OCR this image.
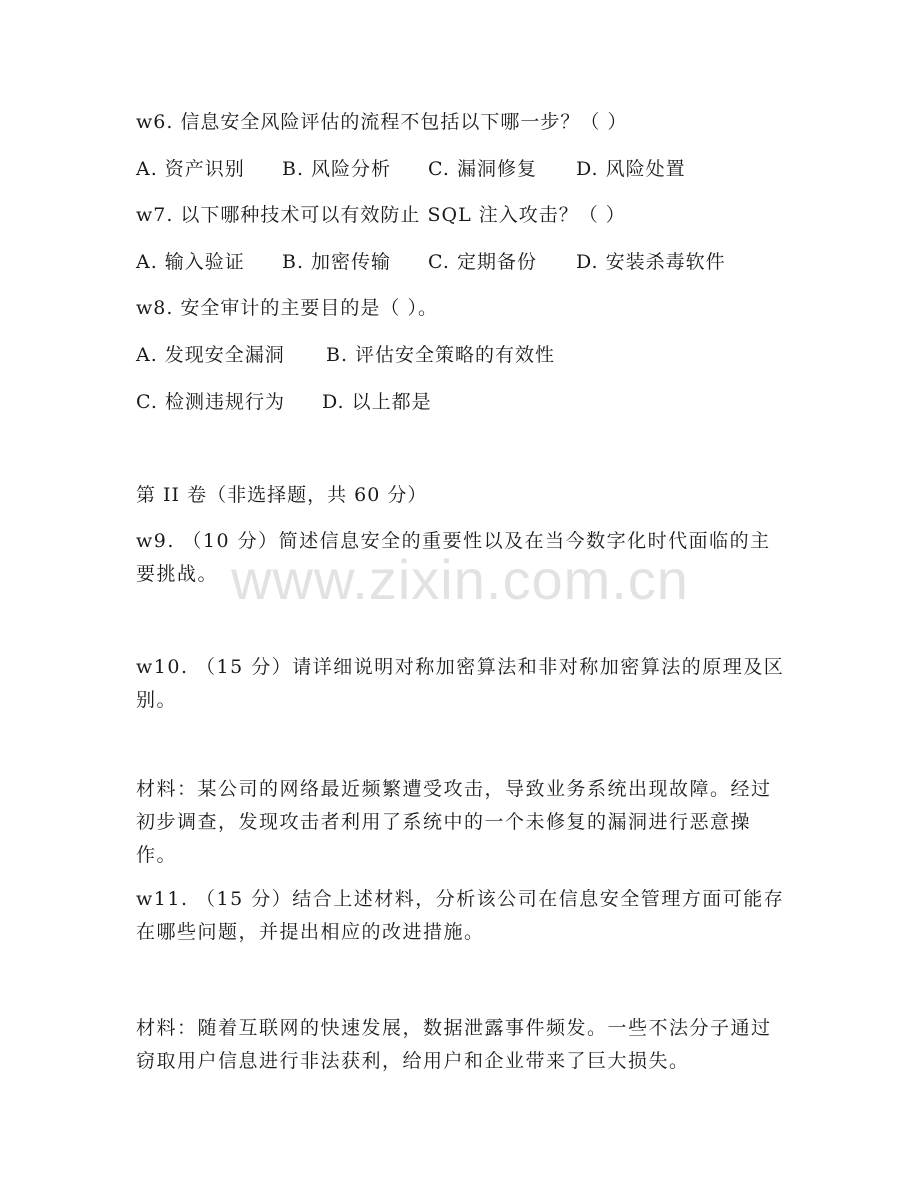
w6. 信息安全风险评估的流程不包括以下哪一步？（ ）
A. 资产识别 B. 风险分析 C. 漏洞修复 D. 风险处置
w7. 以下哪种技术可以有效防止 SQL 注入攻击？（ ）
A. 输入验证 B. 加密传输 C. 定期备份 D. 安装杀毒软件
w8. 安全审计的主要目的是（ ）。
A. 发现安全漏洞 B. 评估安全策略的有效性
C. 检测违规行为 D. 以上都是
第 II 卷（非选择题，共 60 分）
w9. （10 分）简述信息安全的重要性以及在当今数字化时代面临的主要挑战。
w10. （15 分）请详细说明对称加密算法和非对称加密算法的原理及区别。
材料：某公司的网络最近频繁遭受攻击，导致业务系统出现故障。经过初步调查，发现攻击者利用了系统中的一个未修复的漏洞进行恶意操作。
w11. （15 分）结合上述材料，分析该公司在信息安全管理方面可能存在哪些问题，并提出相应的改进措施。
材料：随着互联网的快速发展，数据泄露事件频发。一些不法分子通过窃取用户信息进行非法获利，给用户和企业带来了巨大损失。
www.zixin.com.cn
